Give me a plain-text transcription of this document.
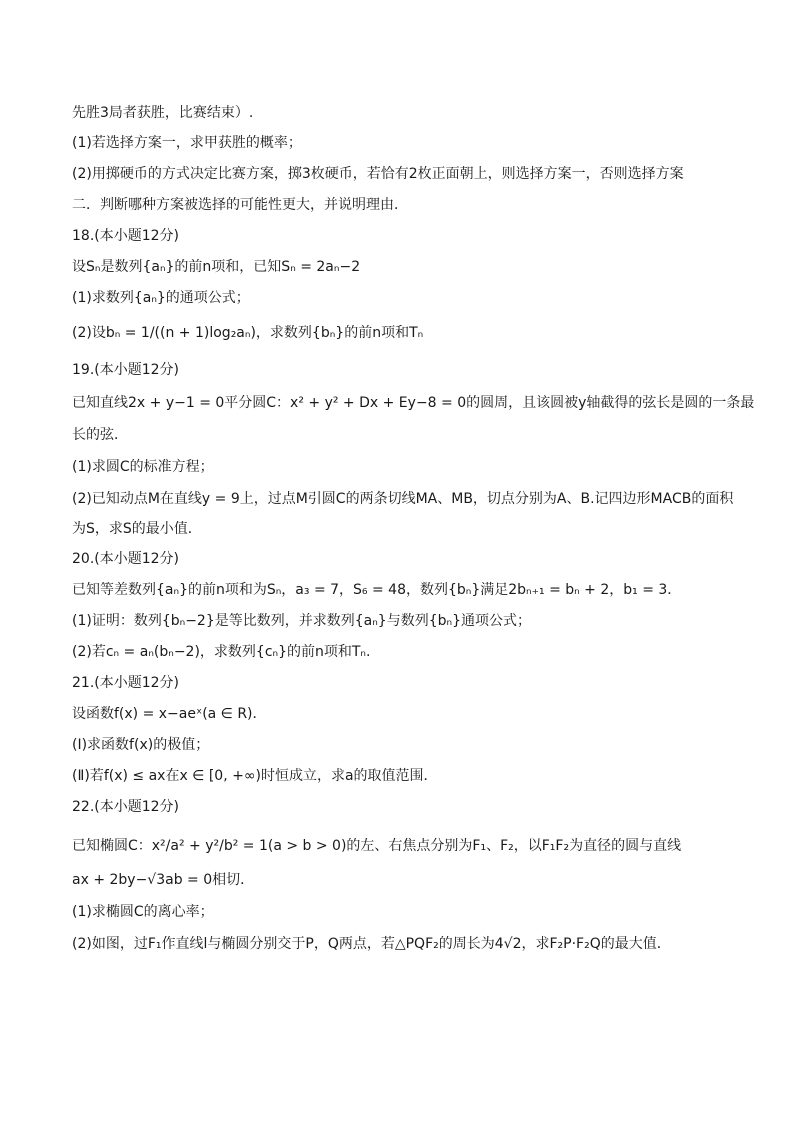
先胜3局者获胜，比赛结束）.
(1)若选择方案一，求甲获胜的概率；
(2)用掷硬币的方式决定比赛方案，掷3枚硬币，若恰有2枚正面朝上，则选择方案一，否则选择方案
二．判断哪种方案被选择的可能性更大，并说明理由．
18.(本小题12分)
设Sₙ是数列{aₙ}的前n项和，已知Sₙ = 2aₙ−2
(1)求数列{aₙ}的通项公式；
(2)设bₙ = 1/((n + 1)log₂aₙ)，求数列{bₙ}的前n项和Tₙ
19.(本小题12分)
已知直线2x + y−1 = 0平分圆C：x² + y² + Dx + Ey−8 = 0的圆周，且该圆被y轴截得的弦长是圆的一条最
长的弦．
(1)求圆C的标准方程；
(2)已知动点M在直线y = 9上，过点M引圆C的两条切线MA、MB，切点分别为A、B.记四边形MACB的面积
为S，求S的最小值．
20.(本小题12分)
已知等差数列{aₙ}的前n项和为Sₙ，a₃ = 7，S₆ = 48，数列{bₙ}满足2bₙ₊₁ = bₙ + 2，b₁ = 3．
(1)证明：数列{bₙ−2}是等比数列，并求数列{aₙ}与数列{bₙ}通项公式；
(2)若cₙ = aₙ(bₙ−2)，求数列{cₙ}的前n项和Tₙ.
21.(本小题12分)
设函数f(x) = x−aeˣ(a ∈ R)．
(Ⅰ)求函数f(x)的极值；
(Ⅱ)若f(x) ≤ ax在x ∈ [0, +∞)时恒成立，求a的取值范围．
22.(本小题12分)
已知椭圆C：x²/a² + y²/b² = 1(a > b > 0)的左、右焦点分别为F₁、F₂，以F₁F₂为直径的圆与直线
ax + 2by−√3ab = 0相切．
(1)求椭圆C的离心率；
(2)如图，过F₁作直线l与椭圆分别交于P，Q两点，若△PQF₂的周长为4√2，求F₂P·F₂Q的最大值．
